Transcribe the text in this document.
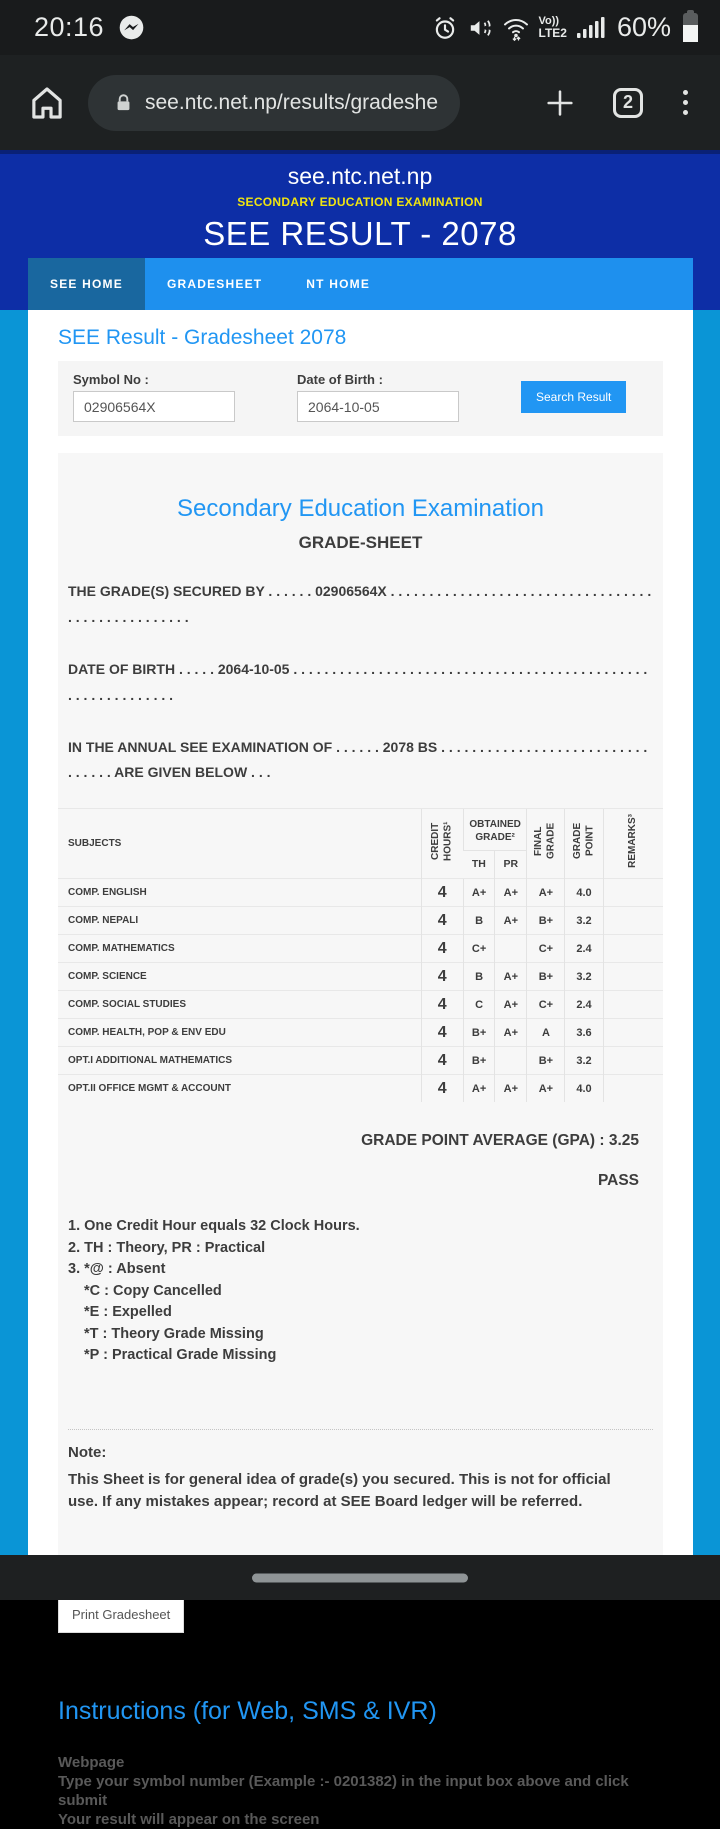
20:16	Vo))
LTE2 60%
see.ntc.net.np/results/gradeshe	2
see.ntc.net.np
SECONDARY EDUCATION EXAMINATION
SEE RESULT - 2078
SEE HOME	GRADESHEET	NT HOME
SEE Result - Gradesheet 2078
Symbol No :
02906564X	Date of Birth :
2064-10-05
Search Result
Secondary Education Examination
GRADE-SHEET
THE GRADE(S) SECURED BY . . . . . . 02906564X . . . . . . . . . . . . . . . . . . . . . . . . . . . . . . . . . . . . . . . . . . . . . . . . . .
DATE OF BIRTH . . . . . 2064-10-05 . . . . . . . . . . . . . . . . . . . . . . . . . . . . . . . . . . . . . . . . . . . . . . . . . . . . . . . . . . . .
IN THE ANNUAL SEE EXAMINATION OF . . . . . . 2078 BS . . . . . . . . . . . . . . . . . . . . . . . . . . . . . . . . . ARE GIVEN BELOW . . .
SUBJECTS	CREDIT HOURS¹	OBTAINED GRADE²		FINAL GRADE	GRADE POINT	REMARKS³
		TH	PR			
COMP. ENGLISH	4	A+	A+	A+	4.0	
COMP. NEPALI	4	B	A+	B+	3.2	
COMP. MATHEMATICS	4	C+		C+	2.4	
COMP. SCIENCE	4	B	A+	B+	3.2	
COMP. SOCIAL STUDIES	4	C	A+	C+	2.4	
COMP. HEALTH, POP & ENV EDU	4	B+	A+	A	3.6	
OPT.I ADDITIONAL MATHEMATICS	4	B+		B+	3.2	
OPT.II OFFICE MGMT & ACCOUNT	4	A+	A+	A+	4.0	
GRADE POINT AVERAGE (GPA) : 3.25
PASS
1. One Credit Hour equals 32 Clock Hours.
2. TH : Theory, PR : Practical
3. *@ : Absent
*C : Copy Cancelled
*E : Expelled
*T : Theory Grade Missing
*P : Practical Grade Missing
Note:
This Sheet is for general idea of grade(s) you secured. This is not for official use. If any mistakes appear; record at SEE Board ledger will be referred.
Print Gradesheet
Instructions (for Web, SMS & IVR)
Webpage
Type your symbol number (Example :- 0201382) in the input box above and click submit
Your result will appear on the screen
